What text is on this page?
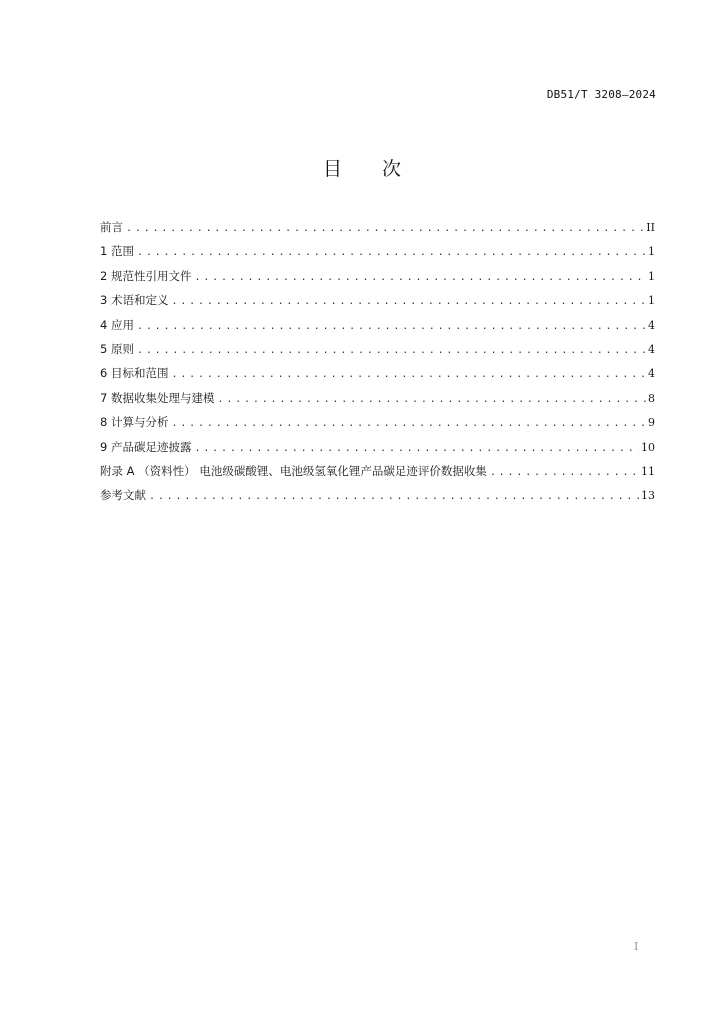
DB51/T 3208—2024
目 次
前言 . . .	II
1 范围 . . .	1
2 规范性引用文件 . . .	1
3 术语和定义 . . .	1
4 应用 . . .	4
5 原则 . . .	4
6 目标和范围 . . .	4
7 数据收集处理与建模 . . .	8
8 计算与分析 . . .	9
9 产品碳足迹披露 . . .	10
附录 A （资料性） 电池级碳酸锂、电池级氢氧化锂产品碳足迹评价数据收集 . . .	11
参考文献 . . .	13
I
